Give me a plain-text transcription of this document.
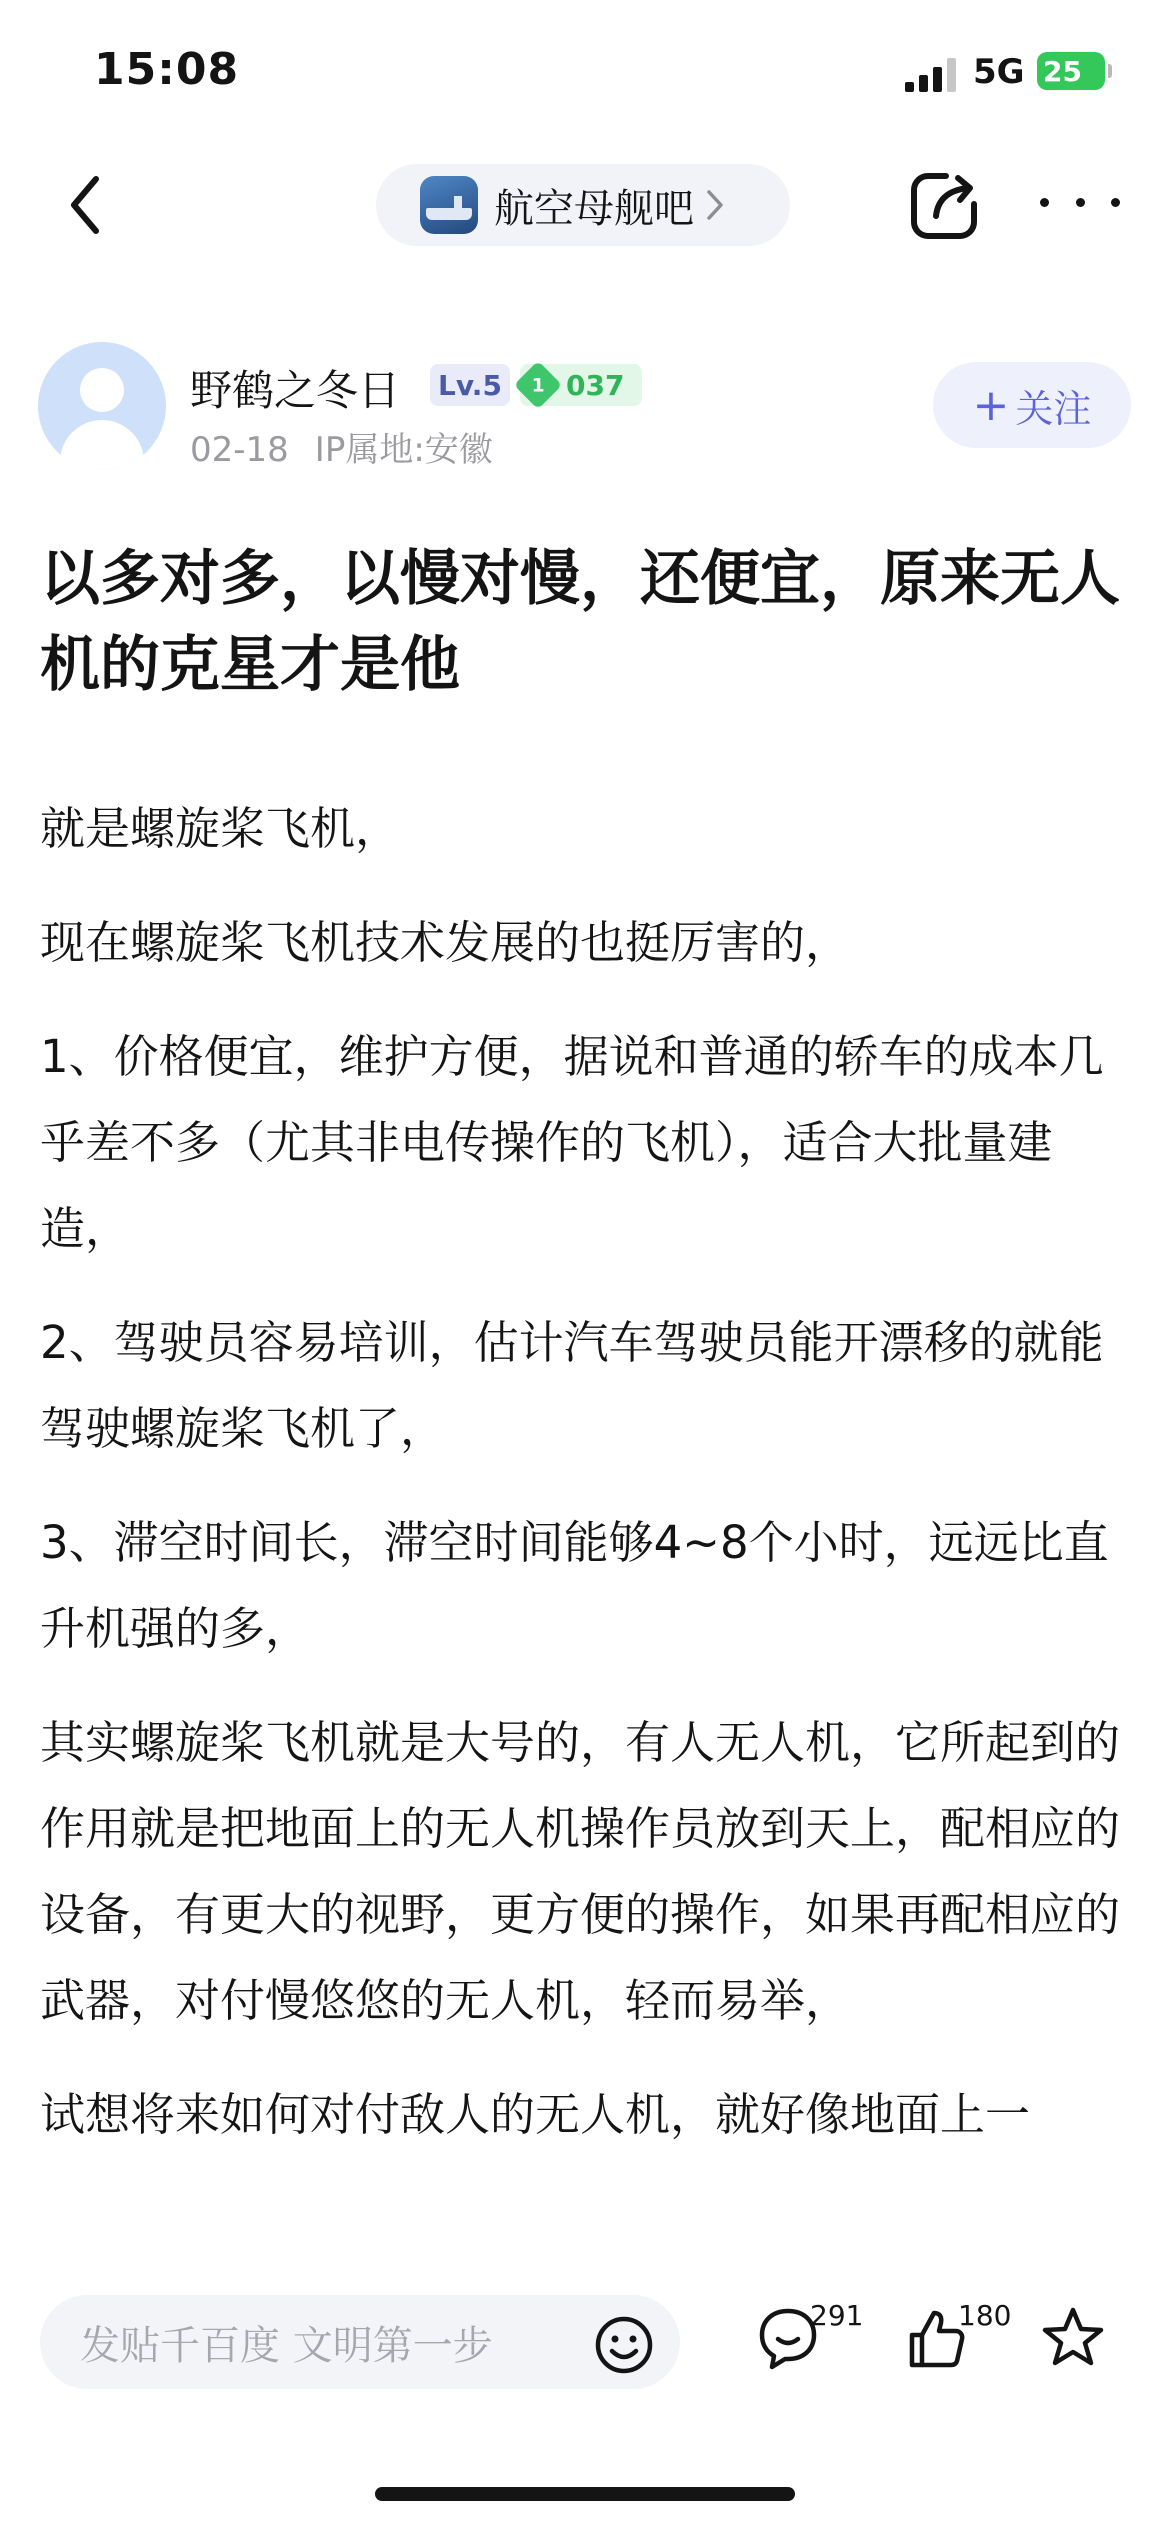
15:08	5G 25
航空母舰吧
野鹤之冬日 Lv.5	1 037
02-18 IP属地:安徽
+ 关注
以多对多，以慢对慢，还便宜，原来无人机的克星才是他

就是螺旋桨飞机，

现在螺旋桨飞机技术发展的也挺厉害的，

1、价格便宜，维护方便，据说和普通的轿车的成本几乎差不多（尤其非电传操作的飞机），适合大批量建造，

2、驾驶员容易培训，估计汽车驾驶员能开漂移的就能驾驶螺旋桨飞机了，

3、滞空时间长，滞空时间能够4~8个小时，远远比直升机强的多，

其实螺旋桨飞机就是大号的，有人无人机，它所起到的作用就是把地面上的无人机操作员放到天上，配相应的设备，有更大的视野，更方便的操作，如果再配相应的武器，对付慢悠悠的无人机，轻而易举，

试想将来如何对付敌人的无人机，就好像地面上一

发贴千百度 文明第一步
291	180
